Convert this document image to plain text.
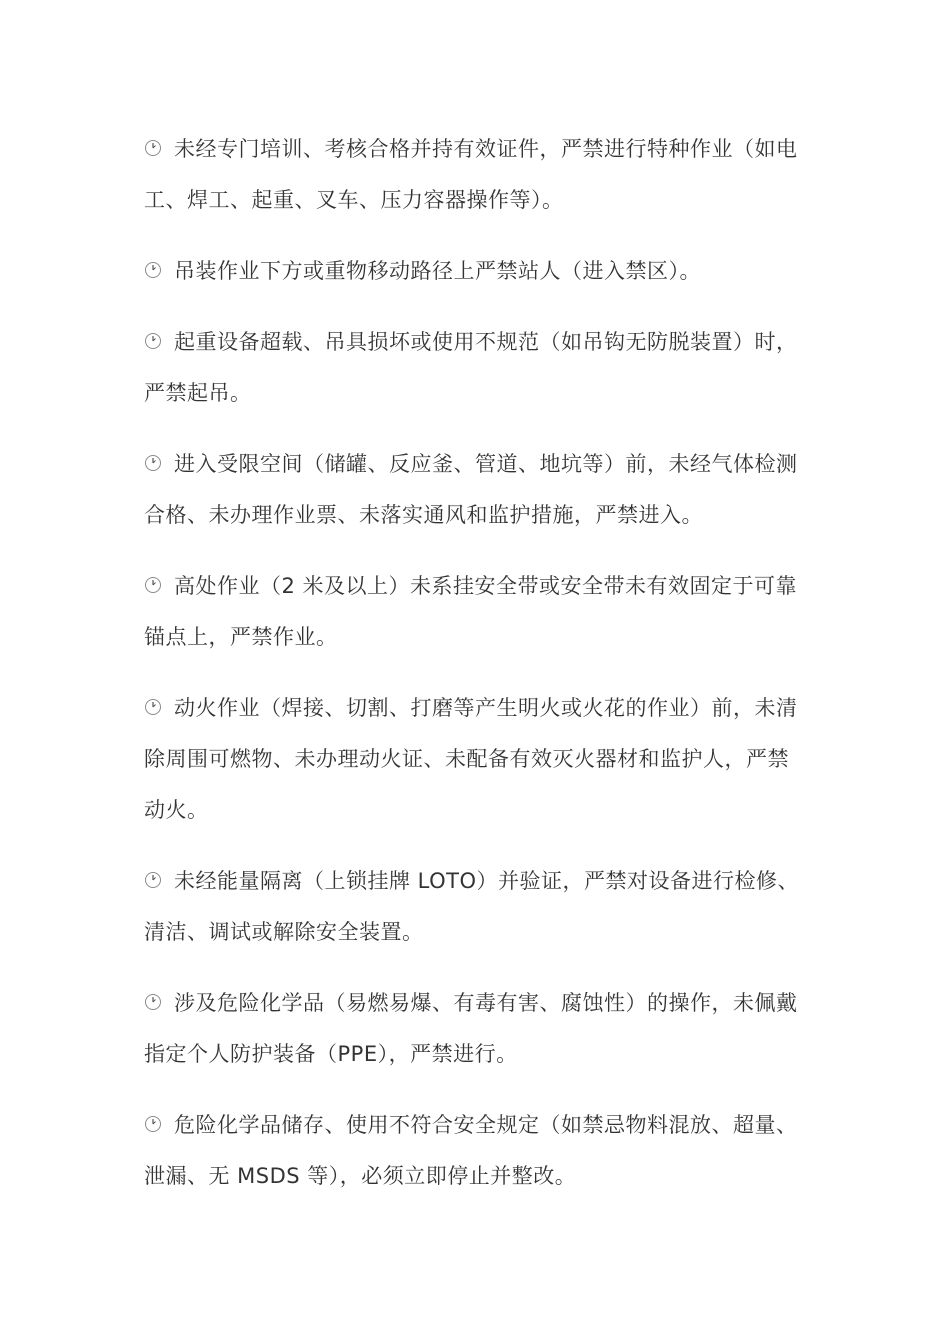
未经专门培训、考核合格并持有效证件，严禁进行特种作业（如电工、焊工、起重、叉车、压力容器操作等）。

吊装作业下方或重物移动路径上严禁站人（进入禁区）。

起重设备超载、吊具损坏或使用不规范（如吊钩无防脱装置）时，严禁起吊。

进入受限空间（储罐、反应釜、管道、地坑等）前，未经气体检测合格、未办理作业票、未落实通风和监护措施，严禁进入。

高处作业（2 米及以上）未系挂安全带或安全带未有效固定于可靠锚点上，严禁作业。

动火作业（焊接、切割、打磨等产生明火或火花的作业）前，未清除周围可燃物、未办理动火证、未配备有效灭火器材和监护人，严禁动火。

未经能量隔离（上锁挂牌 LOTO）并验证，严禁对设备进行检修、清洁、调试或解除安全装置。

涉及危险化学品（易燃易爆、有毒有害、腐蚀性）的操作，未佩戴指定个人防护装备（PPE），严禁进行。

危险化学品储存、使用不符合安全规定（如禁忌物料混放、超量、泄漏、无 MSDS 等），必须立即停止并整改。
